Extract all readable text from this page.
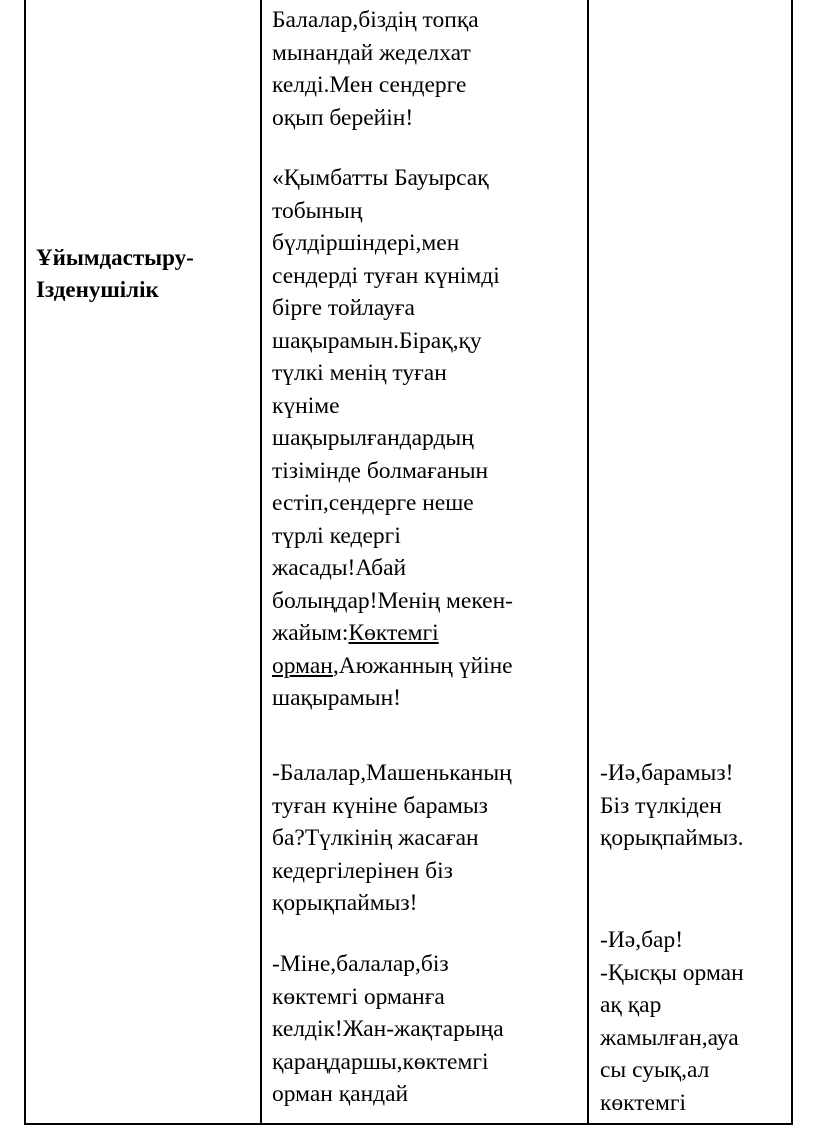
Ұйымдастыру-
Ізденушілік
Балалар,біздің топқа
мынандай жеделхат
келді.Мен сендерге
оқып берейін!
«Қымбатты Бауырсақ
тобының
бүлдіршіндері,мен
сендерді туған күнімді
бірге тойлауға
шақырамын.Бірақ,қу
түлкі менің туған
күніме
шақырылғандардың
тізімінде болмағанын
естіп,сендерге неше
түрлі кедергі
жасады!Абай
болыңдар!Менің мекен-
жайым:Көктемгі
орман,Аюжанның үйіне
шақырамын!
-Балалар,Машеньканың
туған күніне барамыз
ба?Түлкінің жасаған
кедергілерінен біз
қорықпаймыз!
-Міне,балалар,біз
көктемгі орманға
келдік!Жан-жақтарыңа
қараңдаршы,көктемгі
орман қандай
-Иә,барамыз!
Біз түлкіден
қорықпаймыз.
-Иә,бар!
-Қысқы орман
ақ қар
жамылған,ауа
сы суық,ал
көктемгі
